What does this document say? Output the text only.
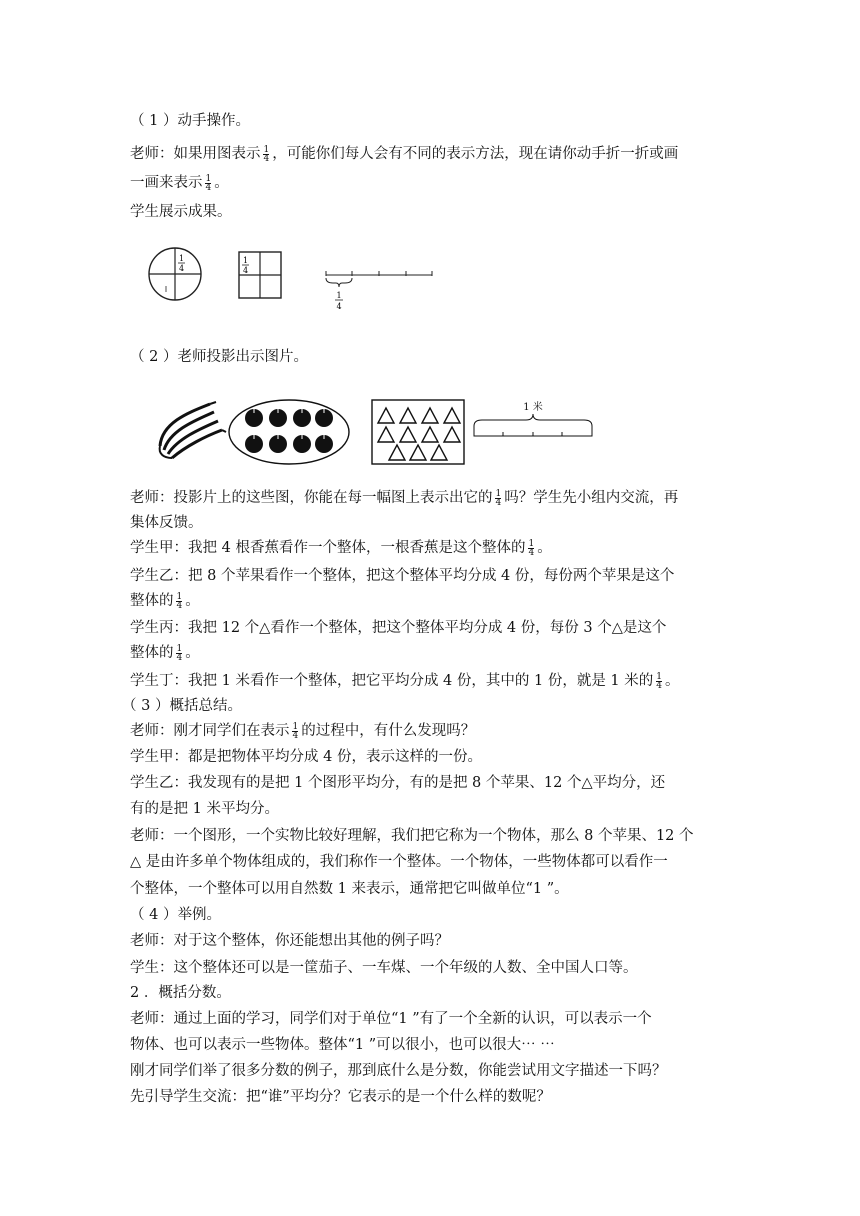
（ 1 ）动手操作。
老师：如果用图表示 $\frac{1}{4}$ ，可能你们每人会有不同的表示方法，现在请你动手折一折或画
一画来表示 $\frac{1}{4}$ 。
学生展示成果。
1
4
1
4
1
4
（ 2 ）老师投影出示图片。
1 米
老师：投影片上的这些图，你能在每一幅图上表示出它的 $\frac{1}{4}$ 吗？学生先小组内交流，再
集体反馈。
学生甲：我把 4 根香蕉看作一个整体，一根香蕉是这个整体的 $\frac{1}{4}$ 。
学生乙：把 8 个苹果看作一个整体，把这个整体平均分成 4 份，每份两个苹果是这个
整体的 $\frac{1}{4}$ 。
学生丙：我把 12 个△看作一个整体，把这个整体平均分成 4 份，每份 3 个△是这个
整体的 $\frac{1}{4}$ 。
学生丁：我把 1 米看作一个整体，把它平均分成 4 份，其中的 1 份，就是 1 米的 $\frac{1}{4}$ 。
（ 3 ）概括总结。
老师：刚才同学们在表示 $\frac{1}{4}$ 的过程中，有什么发现吗？
学生甲：都是把物体平均分成 4 份，表示这样的一份。
学生乙：我发现有的是把 1 个图形平均分，有的是把 8 个苹果、12 个△平均分，还
有的是把 1 米平均分。
老师：一个图形，一个实物比较好理解，我们把它称为一个物体，那么 8 个苹果、12 个
△ 是由许多单个物体组成的，我们称作一个整体。一个物体，一些物体都可以看作一
个整体，一个整体可以用自然数 1 来表示，通常把它叫做单位“1 ”。
（ 4 ）举例。
老师：对于这个整体，你还能想出其他的例子吗？
学生：这个整体还可以是一筐茄子、一车煤、一个年级的人数、全中国人口等。
2 ．概括分数。
老师：通过上面的学习，同学们对于单位“1 ”有了一个全新的认识，可以表示一个
物体、也可以表示一些物体。整体“1 ”可以很小，也可以很大⋯ ⋯
刚才同学们举了很多分数的例子，那到底什么是分数，你能尝试用文字描述一下吗？
先引导学生交流：把“谁”平均分？它表示的是一个什么样的数呢？
